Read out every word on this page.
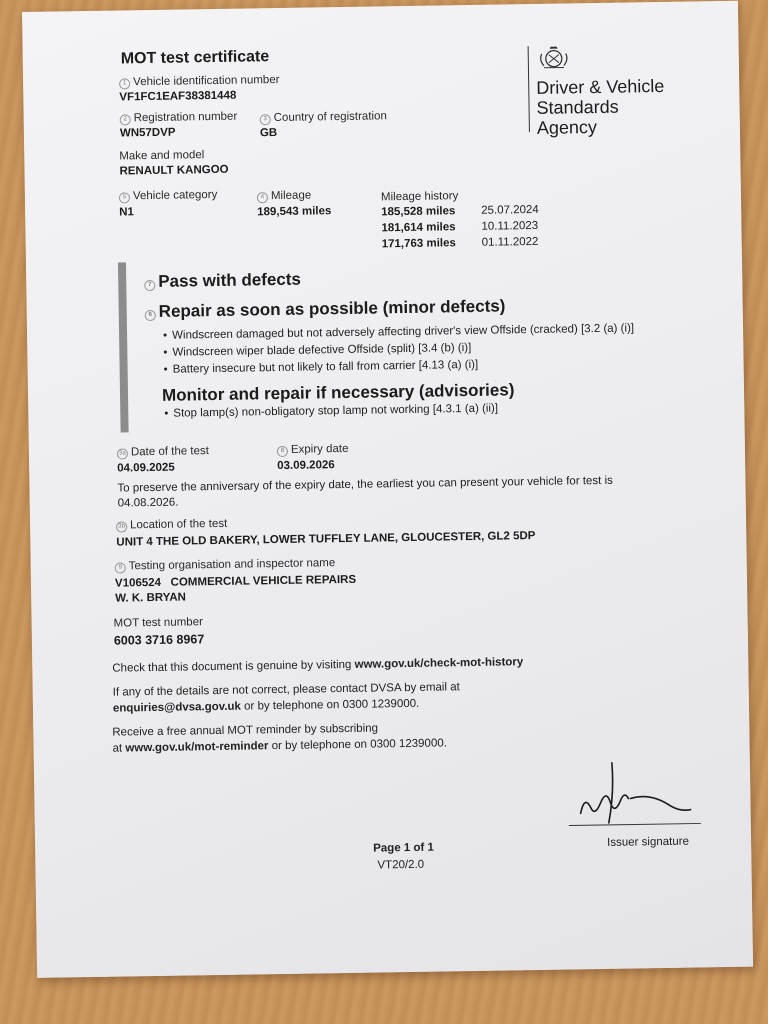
MOT test certificate
1 Vehicle identification number
VF1FC1EAF38381448
2 Registration number
WN57DVP
3 Country of registration
GB
Make and model
RENAULT KANGOO
5 Vehicle category
N1
4 Mileage
189,543 miles
Mileage history
185,528 miles 25.07.2024
181,614 miles 10.11.2023
171,763 miles 01.11.2022
Driver & Vehicle
Standards
Agency
7 Pass with defects
6 Repair as soon as possible (minor defects)
• Windscreen damaged but not adversely affecting driver's view Offside (cracked) [3.2 (a) (i)]
• Windscreen wiper blade defective Offside (split) [3.4 (b) (i)]
• Battery insecure but not likely to fall from carrier [4.13 (a) (i)]
Monitor and repair if necessary (advisories)
• Stop lamp(s) non-obligatory stop lamp not working [4.3.1 (a) (ii)]
3a Date of the test
04.09.2025
8 Expiry date
03.09.2026
To preserve the anniversary of the expiry date, the earliest you can present your vehicle for test is
04.08.2026.
3b Location of the test
UNIT 4 THE OLD BAKERY, LOWER TUFFLEY LANE, GLOUCESTER, GL2 5DP
9 Testing organisation and inspector name
V106524   COMMERCIAL VEHICLE REPAIRS
W. K. BRYAN
MOT test number
6003 3716 8967
Check that this document is genuine by visiting www.gov.uk/check-mot-history
If any of the details are not correct, please contact DVSA by email at
enquiries@dvsa.gov.uk or by telephone on 0300 1239000.
Receive a free annual MOT reminder by subscribing
at www.gov.uk/mot-reminder or by telephone on 0300 1239000.
Issuer signature
Page 1 of 1
VT20/2.0
